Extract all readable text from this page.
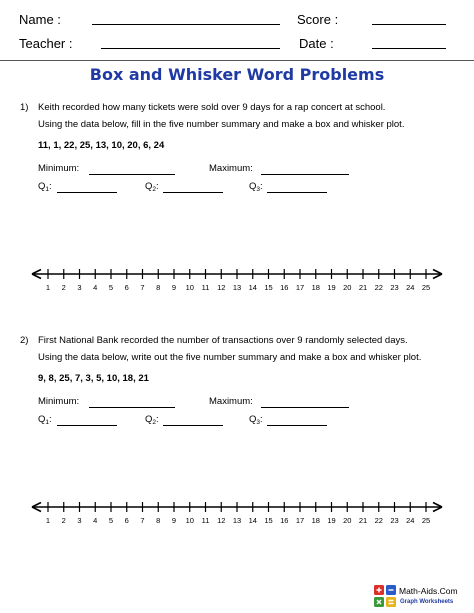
Name :	Score :
Teacher :	Date :
Box and Whisker Word Problems
1) Keith recorded how many tickets were sold over 9 days for a rap concert at school.
Using the data below, fill in the five number summary and make a box and whisker plot.
11, 1, 22, 25, 13, 10, 20, 6, 24
Minimum:	Maximum:
$Q_1$:	$Q_2$:	$Q_3$:
1 2 3 4 5 6 7 8 9 10 11 12 13 14 15 16 17 18 19 20 21 22 23 24 25
2) First National Bank recorded the number of transactions over 9 randomly selected days.
Using the data below, write out the five number summary and make a box and whisker plot.
9, 8, 25, 7, 3, 5, 10, 18, 21
Minimum:	Maximum:
$Q_1$:	$Q_2$:	$Q_3$:
1 2 3 4 5 6 7 8 9 10 11 12 13 14 15 16 17 18 19 20 21 22 23 24 25
Math-Aids.Com
Graph Worksheets
